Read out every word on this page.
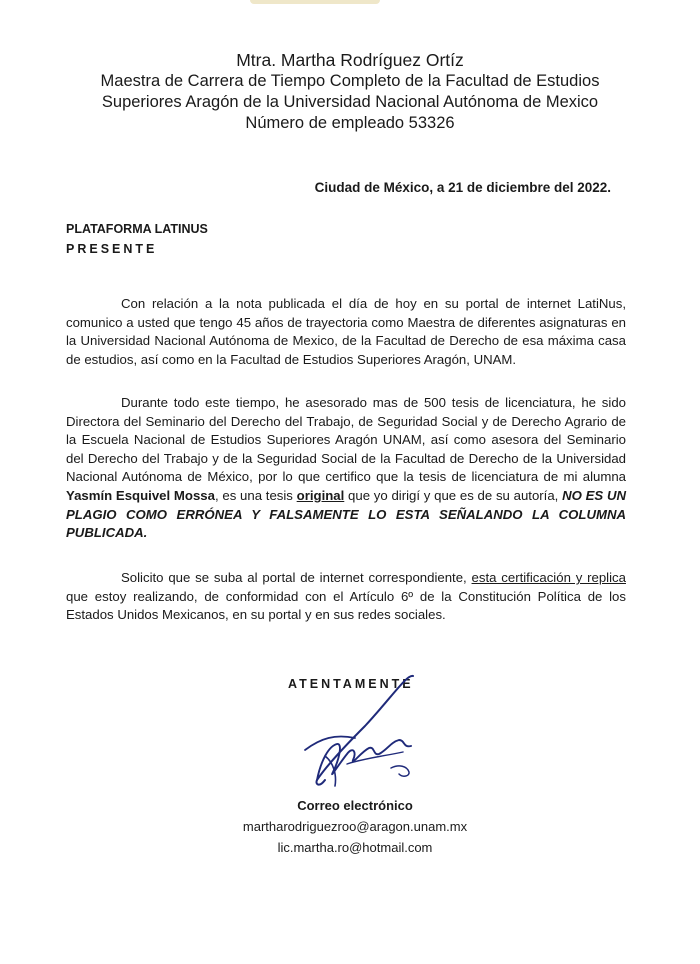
Mtra. Martha Rodríguez Ortíz
Maestra de Carrera de Tiempo Completo de la Facultad de Estudios
Superiores Aragón de la Universidad Nacional Autónoma de Mexico
Número de empleado 53326
Ciudad de México, a 21 de diciembre del 2022.
PLATAFORMA LATINUS
PRESENTE
Con relación a la nota publicada el día de hoy en su portal de internet LatiNus, comunico a usted que tengo 45 años de trayectoria como Maestra de diferentes asignaturas en la Universidad Nacional Autónoma de Mexico, de la Facultad de Derecho de esa máxima casa de estudios, así como en la Facultad de Estudios Superiores Aragón, UNAM.
Durante todo este tiempo, he asesorado mas de 500 tesis de licenciatura, he sido Directora del Seminario del Derecho del Trabajo, de Seguridad Social y de Derecho Agrario de la Escuela Nacional de Estudios Superiores Aragón UNAM, así como asesora del Seminario del Derecho del Trabajo y de la Seguridad Social de la Facultad de Derecho de la Universidad Nacional Autónoma de México, por lo que certifico que la tesis de licenciatura de mi alumna Yasmín Esquivel Mossa, es una tesis original que yo dirigí y que es de su autoría, NO ES UN PLAGIO COMO ERRÓNEA Y FALSAMENTE LO ESTA SEÑALANDO LA COLUMNA PUBLICADA.
Solicito que se suba al portal de internet correspondiente, esta certificación y replica que estoy realizando, de conformidad con el Artículo 6º de la Constitución Política de los Estados Unidos Mexicanos, en su portal y en sus redes sociales.
ATENTAMENTE
Correo electrónico
martharodriguezroo@aragon.unam.mx
lic.martha.ro@hotmail.com
